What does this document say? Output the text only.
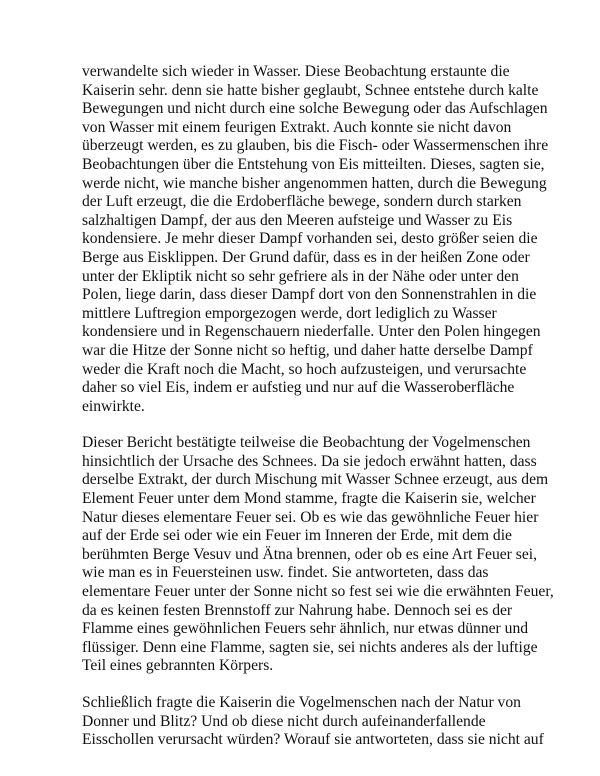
verwandelte sich wieder in Wasser. Diese Beobachtung erstaunte die
Kaiserin sehr. denn sie hatte bisher geglaubt, Schnee entstehe durch kalte
Bewegungen und nicht durch eine solche Bewegung oder das Aufschlagen
von Wasser mit einem feurigen Extrakt. Auch konnte sie nicht davon
überzeugt werden, es zu glauben, bis die Fisch- oder Wassermenschen ihre
Beobachtungen über die Entstehung von Eis mitteilten. Dieses, sagten sie,
werde nicht, wie manche bisher angenommen hatten, durch die Bewegung
der Luft erzeugt, die die Erdoberfläche bewege, sondern durch starken
salzhaltigen Dampf, der aus den Meeren aufsteige und Wasser zu Eis
kondensiere. Je mehr dieser Dampf vorhanden sei, desto größer seien die
Berge aus Eisklippen. Der Grund dafür, dass es in der heißen Zone oder
unter der Ekliptik nicht so sehr gefriere als in der Nähe oder unter den
Polen, liege darin, dass dieser Dampf dort von den Sonnenstrahlen in die
mittlere Luftregion emporgezogen werde, dort lediglich zu Wasser
kondensiere und in Regenschauern niederfalle. Unter den Polen hingegen
war die Hitze der Sonne nicht so heftig, und daher hatte derselbe Dampf
weder die Kraft noch die Macht, so hoch aufzusteigen, und verursachte
daher so viel Eis, indem er aufstieg und nur auf die Wasseroberfläche
einwirkte.

Dieser Bericht bestätigte teilweise die Beobachtung der Vogelmenschen
hinsichtlich der Ursache des Schnees. Da sie jedoch erwähnt hatten, dass
derselbe Extrakt, der durch Mischung mit Wasser Schnee erzeugt, aus dem
Element Feuer unter dem Mond stamme, fragte die Kaiserin sie, welcher
Natur dieses elementare Feuer sei. Ob es wie das gewöhnliche Feuer hier
auf der Erde sei oder wie ein Feuer im Inneren der Erde, mit dem die
berühmten Berge Vesuv und Ätna brennen, oder ob es eine Art Feuer sei,
wie man es in Feuersteinen usw. findet. Sie antworteten, dass das
elementare Feuer unter der Sonne nicht so fest sei wie die erwähnten Feuer,
da es keinen festen Brennstoff zur Nahrung habe. Dennoch sei es der
Flamme eines gewöhnlichen Feuers sehr ähnlich, nur etwas dünner und
flüssiger. Denn eine Flamme, sagten sie, sei nichts anderes als der luftige
Teil eines gebrannten Körpers.

Schließlich fragte die Kaiserin die Vogelmenschen nach der Natur von
Donner und Blitz? Und ob diese nicht durch aufeinanderfallende
Eisschollen verursacht würden? Worauf sie antworteten, dass sie nicht auf
